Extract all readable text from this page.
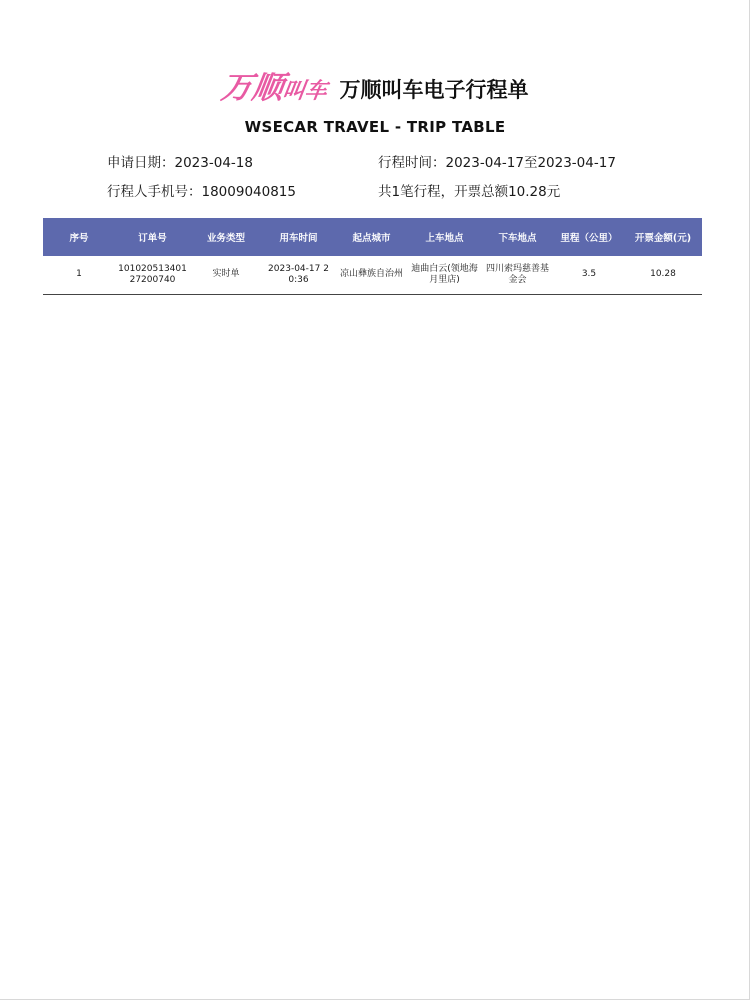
万顺叫车 万顺叫车电子行程单
WSECAR TRAVEL - TRIP TABLE
申请日期：2023-04-18	行程时间：2023-04-17至2023-04-17
行程人手机号：18009040815	共1笔行程，开票总额10.28元
序号	订单号	业务类型	用车时间	起点城市	上车地点	下车地点	里程（公里）	开票金额(元)
1	10102051340127200740	实时单	2023-04-17 20:36	凉山彝族自治州	迪曲白云(领地海月里店)	四川索玛慈善基金会	3.5	10.28
